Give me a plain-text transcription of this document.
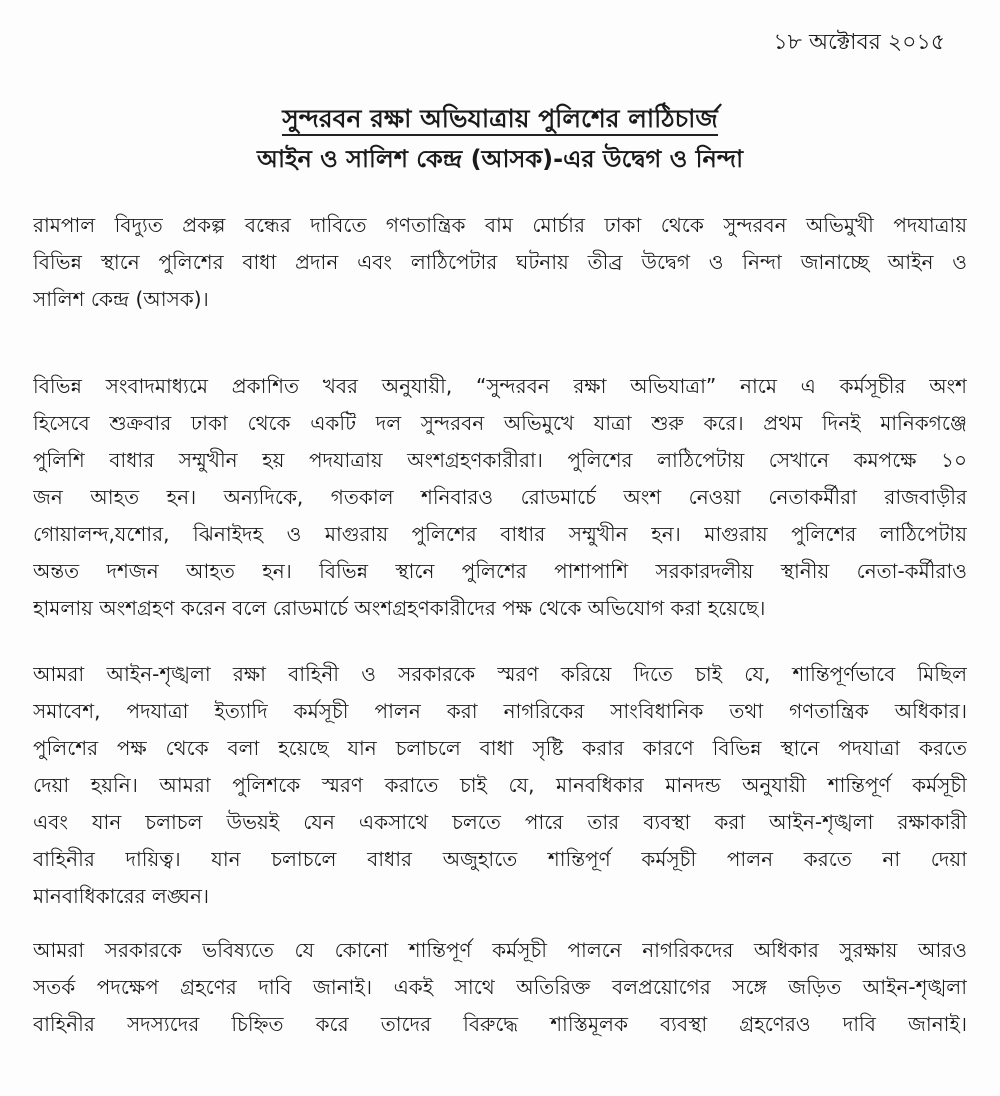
১৮ অক্টোবর ২০১৫
সুন্দরবন রক্ষা অভিযাত্রায় পুলিশের লাঠিচার্জ
আইন ও সালিশ কেন্দ্র (আসক)-এর উদ্বেগ ও নিন্দা
রামপাল বিদ্যুত প্রকল্প বন্ধের দাবিতে গণতান্ত্রিক বাম মোর্চার ঢাকা থেকে সুন্দরবন অভিমুখী পদযাত্রায়
বিভিন্ন স্থানে পুলিশের বাধা প্রদান এবং লাঠিপেটার ঘটনায় তীব্র উদ্বেগ ও নিন্দা জানাচ্ছে আইন ও
সালিশ কেন্দ্র (আসক)।
বিভিন্ন সংবাদমাধ্যমে প্রকাশিত খবর অনুযায়ী, “সুন্দরবন রক্ষা অভিযাত্রা” নামে এ কর্মসূচীর অংশ
হিসেবে শুক্রবার ঢাকা থেকে একটি দল সুন্দরবন অভিমুখে যাত্রা শুরু করে। প্রথম দিনই মানিকগঞ্জে
পুলিশি বাধার সম্মুখীন হয় পদযাত্রায় অংশগ্রহণকারীরা। পুলিশের লাঠিপেটায় সেখানে কমপক্ষে ১০
জন আহত হন। অন্যদিকে, গতকাল শনিবারও রোডমার্চে অংশ নেওয়া নেতাকর্মীরা রাজবাড়ীর
গোয়ালন্দ,যশোর, ঝিনাইদহ ও মাগুরায় পুলিশের বাধার সম্মুখীন হন। মাগুরায় পুলিশের লাঠিপেটায়
অন্তত দশজন আহত হন। বিভিন্ন স্থানে পুলিশের পাশাপাশি সরকারদলীয় স্থানীয় নেতা-কর্মীরাও
হামলায় অংশগ্রহণ করেন বলে রোডমার্চে অংশগ্রহণকারীদের পক্ষ থেকে অভিযোগ করা হয়েছে।
আমরা আইন-শৃঙ্খলা রক্ষা বাহিনী ও সরকারকে স্মরণ করিয়ে দিতে চাই যে, শান্তিপূর্ণভাবে মিছিল
সমাবেশ, পদযাত্রা ইত্যাদি কর্মসূচী পালন করা নাগরিকের সাংবিধানিক তথা গণতান্ত্রিক অধিকার।
পুলিশের পক্ষ থেকে বলা হয়েছে যান চলাচলে বাধা সৃষ্টি করার কারণে বিভিন্ন স্থানে পদযাত্রা করতে
দেয়া হয়নি। আমরা পুলিশকে স্মরণ করাতে চাই যে, মানবধিকার মানদন্ড অনুযায়ী শান্তিপূর্ণ কর্মসূচী
এবং যান চলাচল উভয়ই যেন একসাথে চলতে পারে তার ব্যবস্থা করা আইন-শৃঙ্খলা রক্ষাকারী
বাহিনীর দায়িত্ব। যান চলাচলে বাধার অজুহাতে শান্তিপূর্ণ কর্মসূচী পালন করতে না দেয়া
মানবাধিকারের লঙ্ঘন।
আমরা সরকারকে ভবিষ্যতে যে কোনো শান্তিপূর্ণ কর্মসূচী পালনে নাগরিকদের অধিকার সুরক্ষায় আরও
সতর্ক পদক্ষেপ গ্রহণের দাবি জানাই। একই সাথে অতিরিক্ত বলপ্রয়োগের সঙ্গে জড়িত আইন-শৃঙ্খলা
বাহিনীর সদস্যদের চিহ্নিত করে তাদের বিরুদ্ধে শাস্তিমূলক ব্যবস্থা গ্রহণেরও দাবি জানাই।
